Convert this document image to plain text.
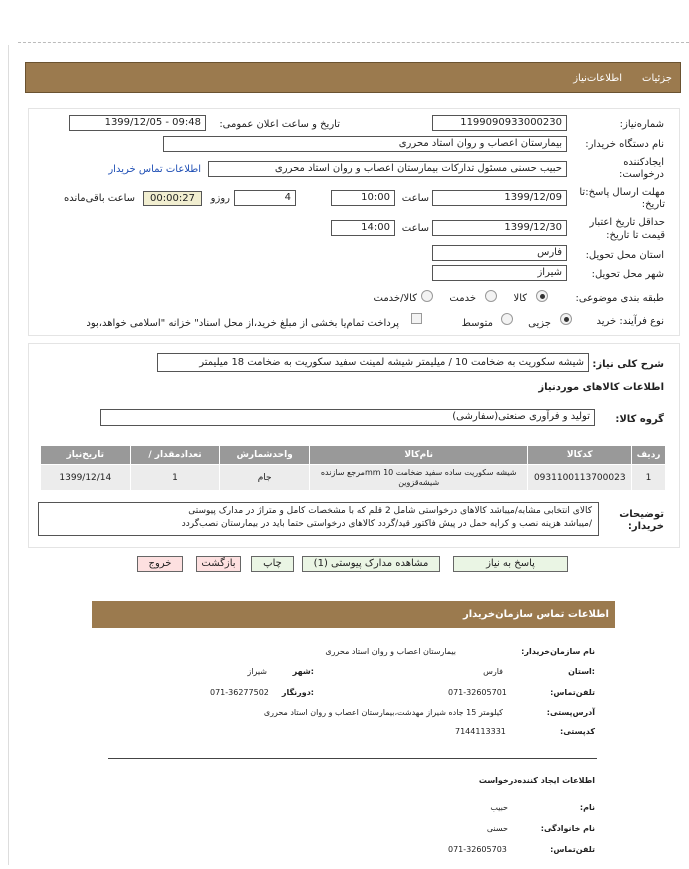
جزئیات
اطلاعات‌نیاز
شماره‌نیاز:
1199090933000230
تاریخ و ساعت اعلان عمومی:
1399/12/05 - 09:48
نام دستگاه خریدار:
بیمارستان اعصاب و روان استاد محرری
ایجادکننده
درخواست:
حبیب حسنی مسئول تدارکات بیمارستان اعصاب و روان استاد محرری
اطلاعات تماس خریدار
مهلت ارسال پاسخ:تا
تاریخ:
1399/12/09
ساعت
10:00
4
روزو
00:00:27
ساعت باقی‌مانده
حداقل تاریخ اعتبار
قیمت تا تاریخ:
1399/12/30
ساعت
14:00
استان محل تحویل:
فارس
شهر محل تحویل:
شیراز
طبقه بندی موضوعی:
کالا
خدمت
کالا/خدمت
نوع فرآیند: خرید
جزیی
متوسط
پرداخت تمام‌یا بخشی از مبلغ خرید،از محل اسناد" خزانه "اسلامی خواهد،بود
شرح کلی نیاز:
شیشه سکوریت به ضخامت 10 / میلیمتر شیشه لمینت سفید سکوریت به ضخامت 18 میلیمتر
اطلاعات کالاهای موردنیاز
گروه کالا:
تولید و فرآوری صنعتی(سفارشی)
ردیف	کدکالا	نام‌کالا	واحدشمارش	تعدادمقدار /	تاریخ‌نیاز
1	0931100113700023	شیشه سکوریت ساده سفید ضخامت mm 10مرجع سازنده شیشه‌قزوین	جام	1	1399/12/14
توضیحات
خریدار:
کالای انتخابی مشابه/میباشد کالاهای درخواستی شامل 2 قلم که با مشخصات کامل و متراژ در مدارک پیوستی
/میباشد هزینه نصب و کرایه حمل در پیش فاکتور قید/گردد کالاهای درخواستی حتما باید در بیمارستان نصب‌گردد
پاسخ به نیاز
مشاهده مدارک پیوستی (1)
چاپ
بازگشت
خروج
اطلاعات تماس سازمان‌خریدار
نام سازمان‌خریدار:
بیمارستان اعصاب و روان استاد محرری
:استان
فارس
:شهر
شیراز
تلفن‌تماس:
071-32605701
:دورنگار
071-36277502
آدرس‌پستی:
کیلومتر 15 جاده شیراز مهدشت،بیمارستان اعصاب و روان استاد محرری
کدپستی:
7144113331
اطلاعات ایجاد کننده‌درخواست
نام:
حبیب
نام خانوادگی:
حسنی
تلفن‌تماس:
071-32605703
